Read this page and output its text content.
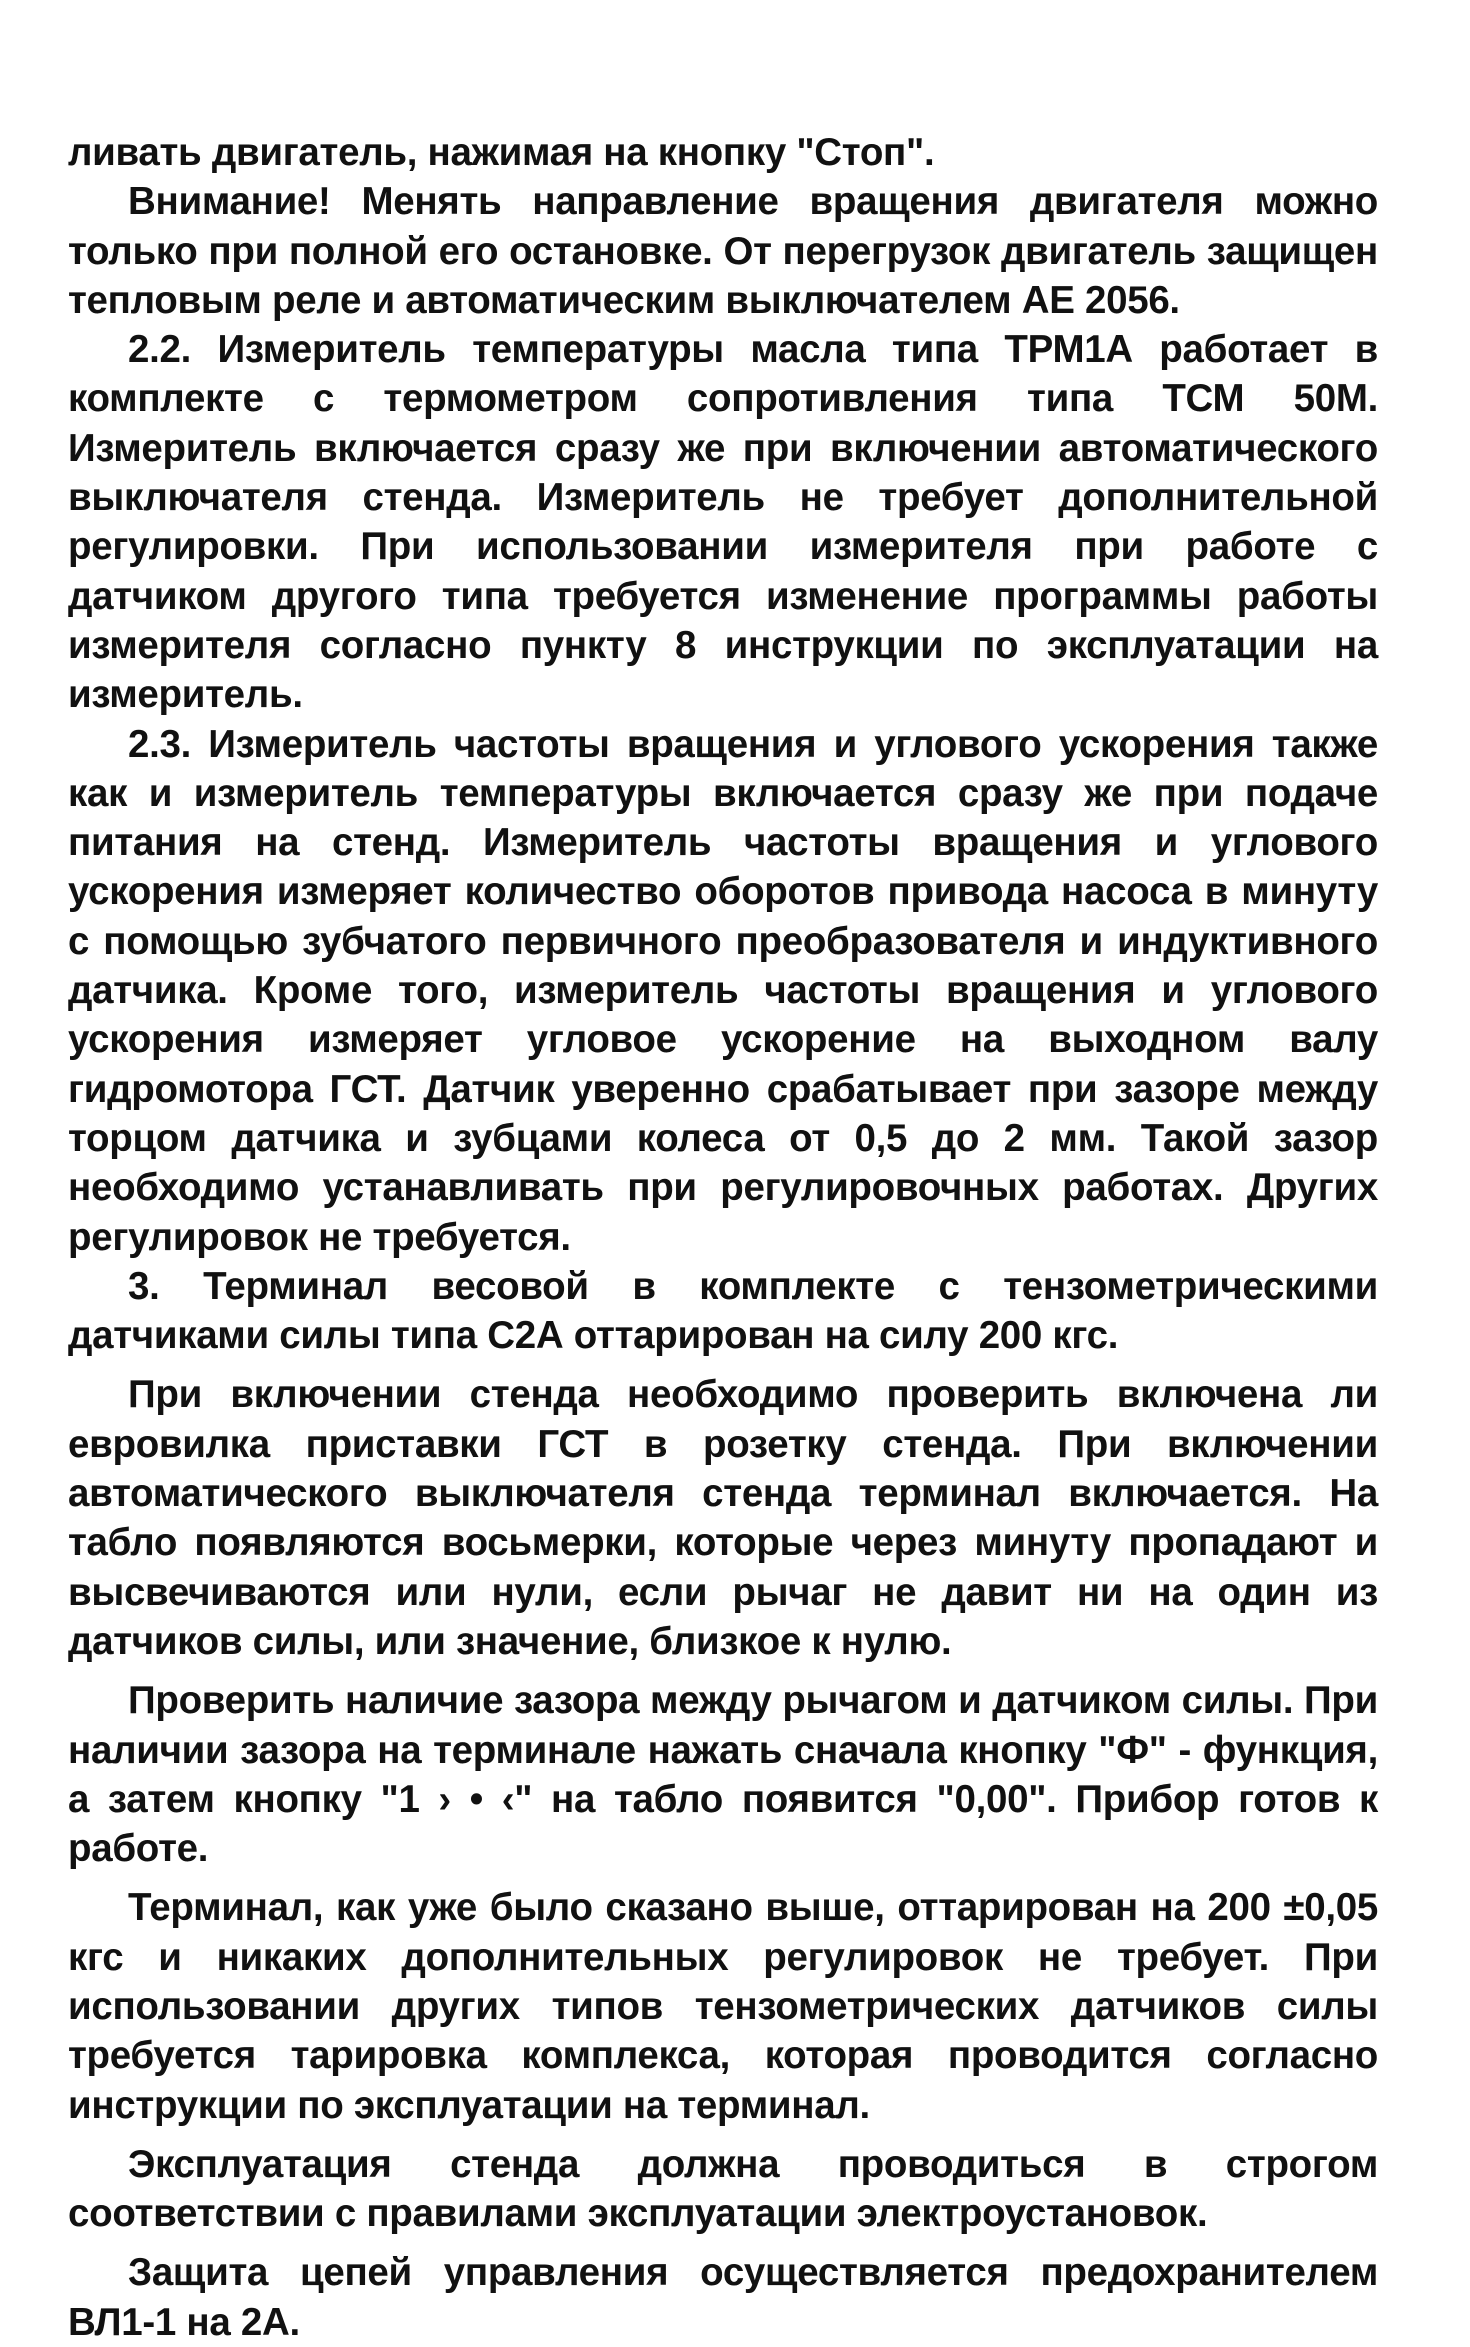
ливать двигатель, нажимая на кнопку "Стоп".

Внимание! Менять направление вращения двигателя можно только при полной его остановке. От перегрузок двигатель защищен тепловым реле и автоматическим выключателем АЕ 2056.

2.2. Измеритель температуры масла типа ТРМ1А работает в комплекте с термометром сопротивления типа ТСМ 50М. Измеритель включается сразу же при включении автоматического выключателя стенда. Измеритель не требует дополнительной регулировки. При использовании измерителя при работе с датчиком другого типа требуется изменение программы работы измерителя согласно пункту 8 инструкции по эксплуатации на измеритель.

2.3. Измеритель частоты вращения и углового ускорения также как и измеритель температуры включается сразу же при подаче питания на стенд. Измеритель частоты вращения и углового ускорения измеряет количество оборотов привода насоса в минуту с помощью зубчатого первичного преобразователя и индуктивного датчика. Кроме того, измеритель частоты вращения и углового ускорения измеряет угловое ускорение на выходном валу гидромотора ГСТ. Датчик уверенно срабатывает при зазоре между торцом датчика и зубцами колеса от 0,5 до 2 мм. Такой зазор необходимо устанавливать при регулировочных работах. Других регулировок не требуется.

3. Терминал весовой в комплекте с тензометрическими датчиками силы типа С2А оттарирован на силу 200 кгс.

При включении стенда необходимо проверить включена ли евровилка приставки ГСТ в розетку стенда. При включении автоматического выключателя стенда терминал включается. На табло появляются восьмерки, которые через минуту пропадают и высвечиваются или нули, если рычаг не давит ни на один из датчиков силы, или значение, близкое к нулю.

Проверить наличие зазора между рычагом и датчиком силы. При наличии зазора на терминале нажать сначала кнопку "Ф" - функция, а затем кнопку "1 › • ‹" на табло появится "0,00". Прибор готов к работе.

Терминал, как уже было сказано выше, оттарирован на 200 ±0,05 кгс и никаких дополнительных регулировок не требует. При использовании других типов тензометрических датчиков силы требуется тарировка комплекса, которая проводится согласно инструкции по эксплуатации на терминал.

Эксплуатация стенда должна проводиться в строгом соответствии с правилами эксплуатации электроустановок.

Защита цепей управления осуществляется предохранителем ВЛ1-1 на 2А.
